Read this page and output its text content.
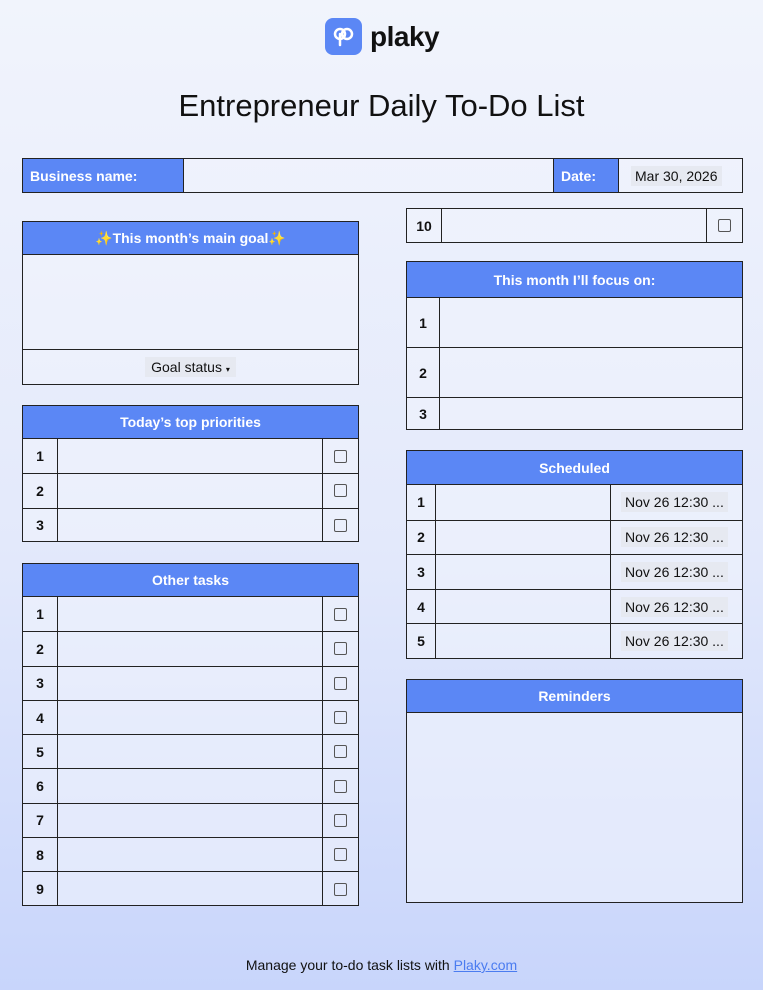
plaky
Entrepreneur Daily To-Do List
Business name:	Date:	Mar 30, 2026
✨This month’s main goal✨
Goal status ▾
Today’s top priorities
1
2
3
Other tasks
1
2
3
4
5
6
7
8
9
10
This month I’ll focus on:
1
2
3
Scheduled
1	Nov 26 12:30 ...
2	Nov 26 12:30 ...
3	Nov 26 12:30 ...
4	Nov 26 12:30 ...
5	Nov 26 12:30 ...
Reminders
Manage your to-do task lists with Plaky.com
